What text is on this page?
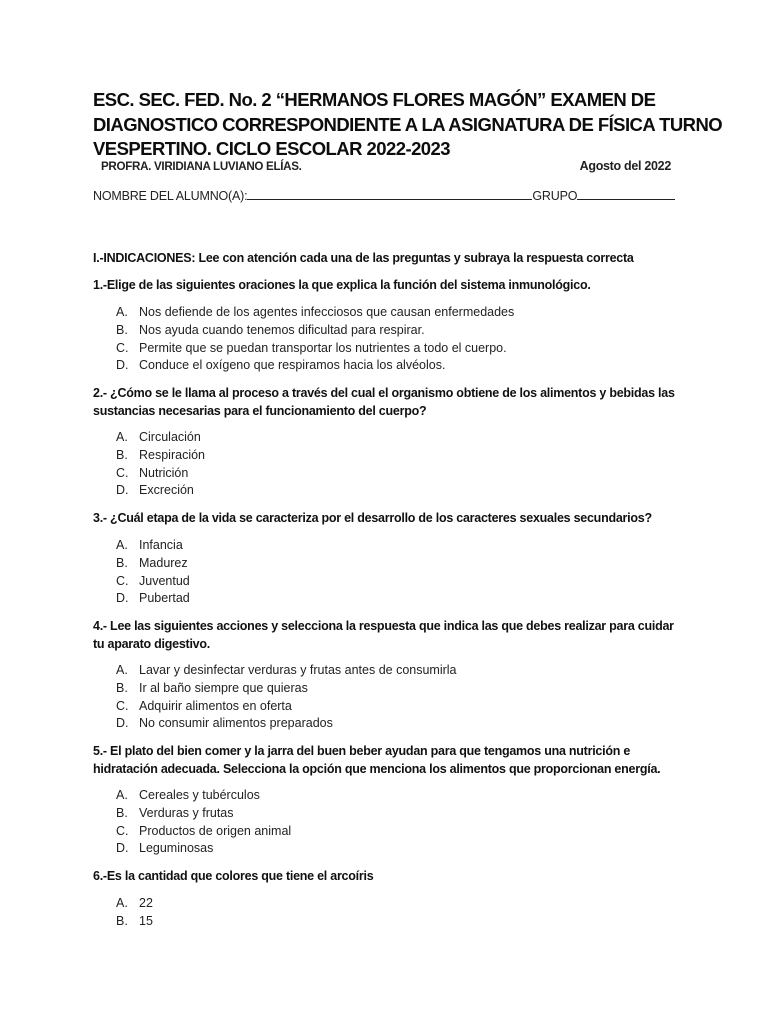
ESC. SEC. FED. No. 2 “HERMANOS FLORES MAGÓN” EXAMEN DE
DIAGNOSTICO CORRESPONDIENTE A LA ASIGNATURA DE FÍSICA TURNO
VESPERTINO. CICLO ESCOLAR 2022-2023
PROFRA. VIRIDIANA LUVIANO ELÍAS.	Agosto del 2022
NOMBRE DEL ALUMNO(A):	GRUPO
I.-INDICACIONES: Lee con atención cada una de las preguntas y subraya la respuesta correcta
1.-Elige de las siguientes oraciones la que explica la función del sistema inmunológico.
A. Nos defiende de los agentes infecciosos que causan enfermedades
B. Nos ayuda cuando tenemos dificultad para respirar.
C. Permite que se puedan transportar los nutrientes a todo el cuerpo.
D. Conduce el oxígeno que respiramos hacia los alvéolos.
2.- ¿Cómo se le llama al proceso a través del cual el organismo obtiene de los alimentos y bebidas las sustancias necesarias para el funcionamiento del cuerpo?
A. Circulación
B. Respiración
C. Nutrición
D. Excreción
3.- ¿Cuál etapa de la vida se caracteriza por el desarrollo de los caracteres sexuales secundarios?
A. Infancia
B. Madurez
C. Juventud
D. Pubertad
4.- Lee las siguientes acciones y selecciona la respuesta que indica las que debes realizar para cuidar tu aparato digestivo.
A. Lavar y desinfectar verduras y frutas antes de consumirla
B. Ir al baño siempre que quieras
C. Adquirir alimentos en oferta
D. No consumir alimentos preparados
5.- El plato del bien comer y la jarra del buen beber ayudan para que tengamos una nutrición e hidratación adecuada. Selecciona la opción que menciona los alimentos que proporcionan energía.
A. Cereales y tubérculos
B. Verduras y frutas
C. Productos de origen animal
D. Leguminosas
6.-Es la cantidad que colores que tiene el arcoíris
A. 22
B. 15
